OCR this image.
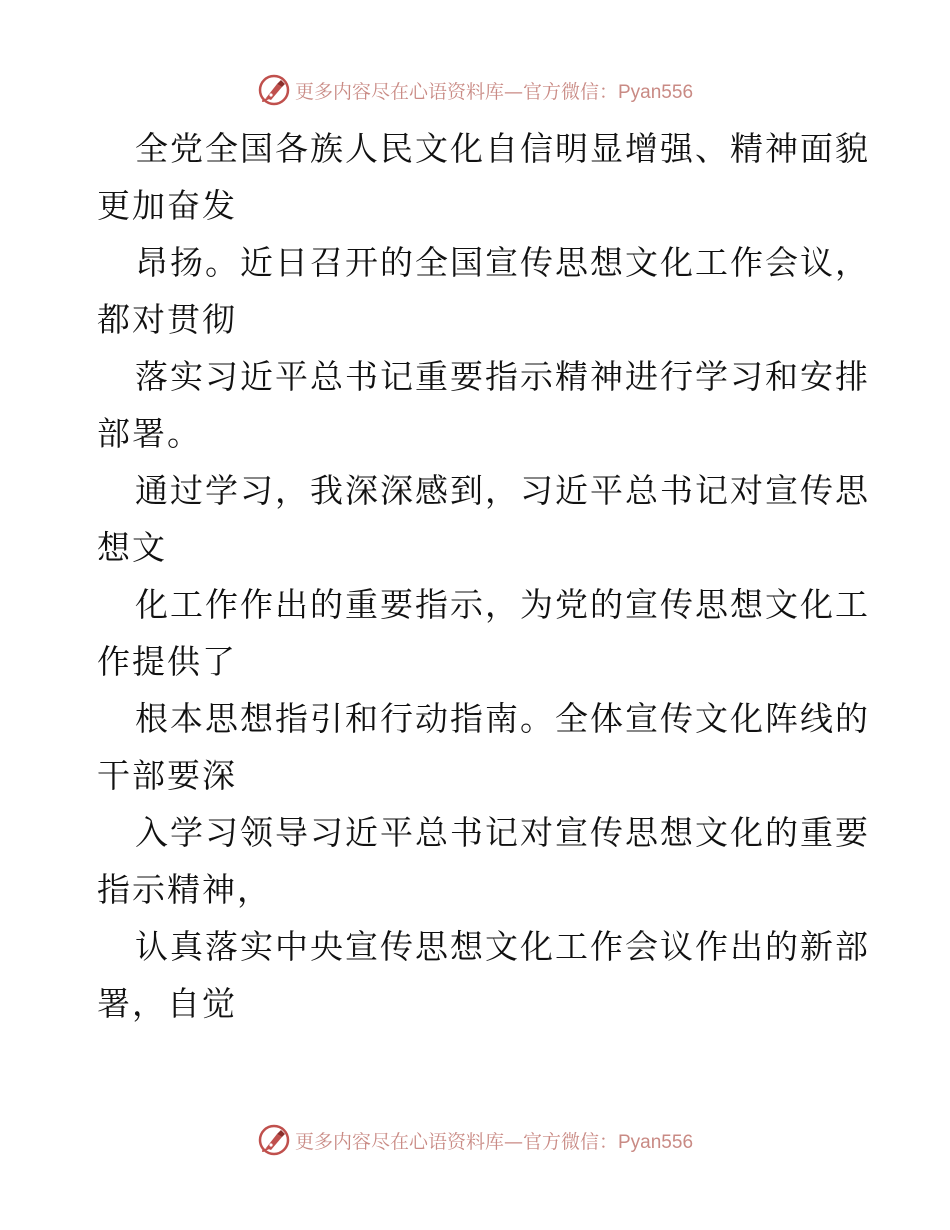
更多内容尽在心语资料库—官方微信：Pyan556
全党全国各族人民文化自信明显增强、精神面貌
更加奋发
昂扬。近日召开的全国宣传思想文化工作会议，
都对贯彻
落实习近平总书记重要指示精神进行学习和安排
部署。
通过学习，我深深感到，习近平总书记对宣传思
想文
化工作作出的重要指示，为党的宣传思想文化工
作提供了
根本思想指引和行动指南。全体宣传文化阵线的
干部要深
入学习领导习近平总书记对宣传思想文化的重要
指示精神，
认真落实中央宣传思想文化工作会议作出的新部
署，自觉
更多内容尽在心语资料库—官方微信：Pyan556
